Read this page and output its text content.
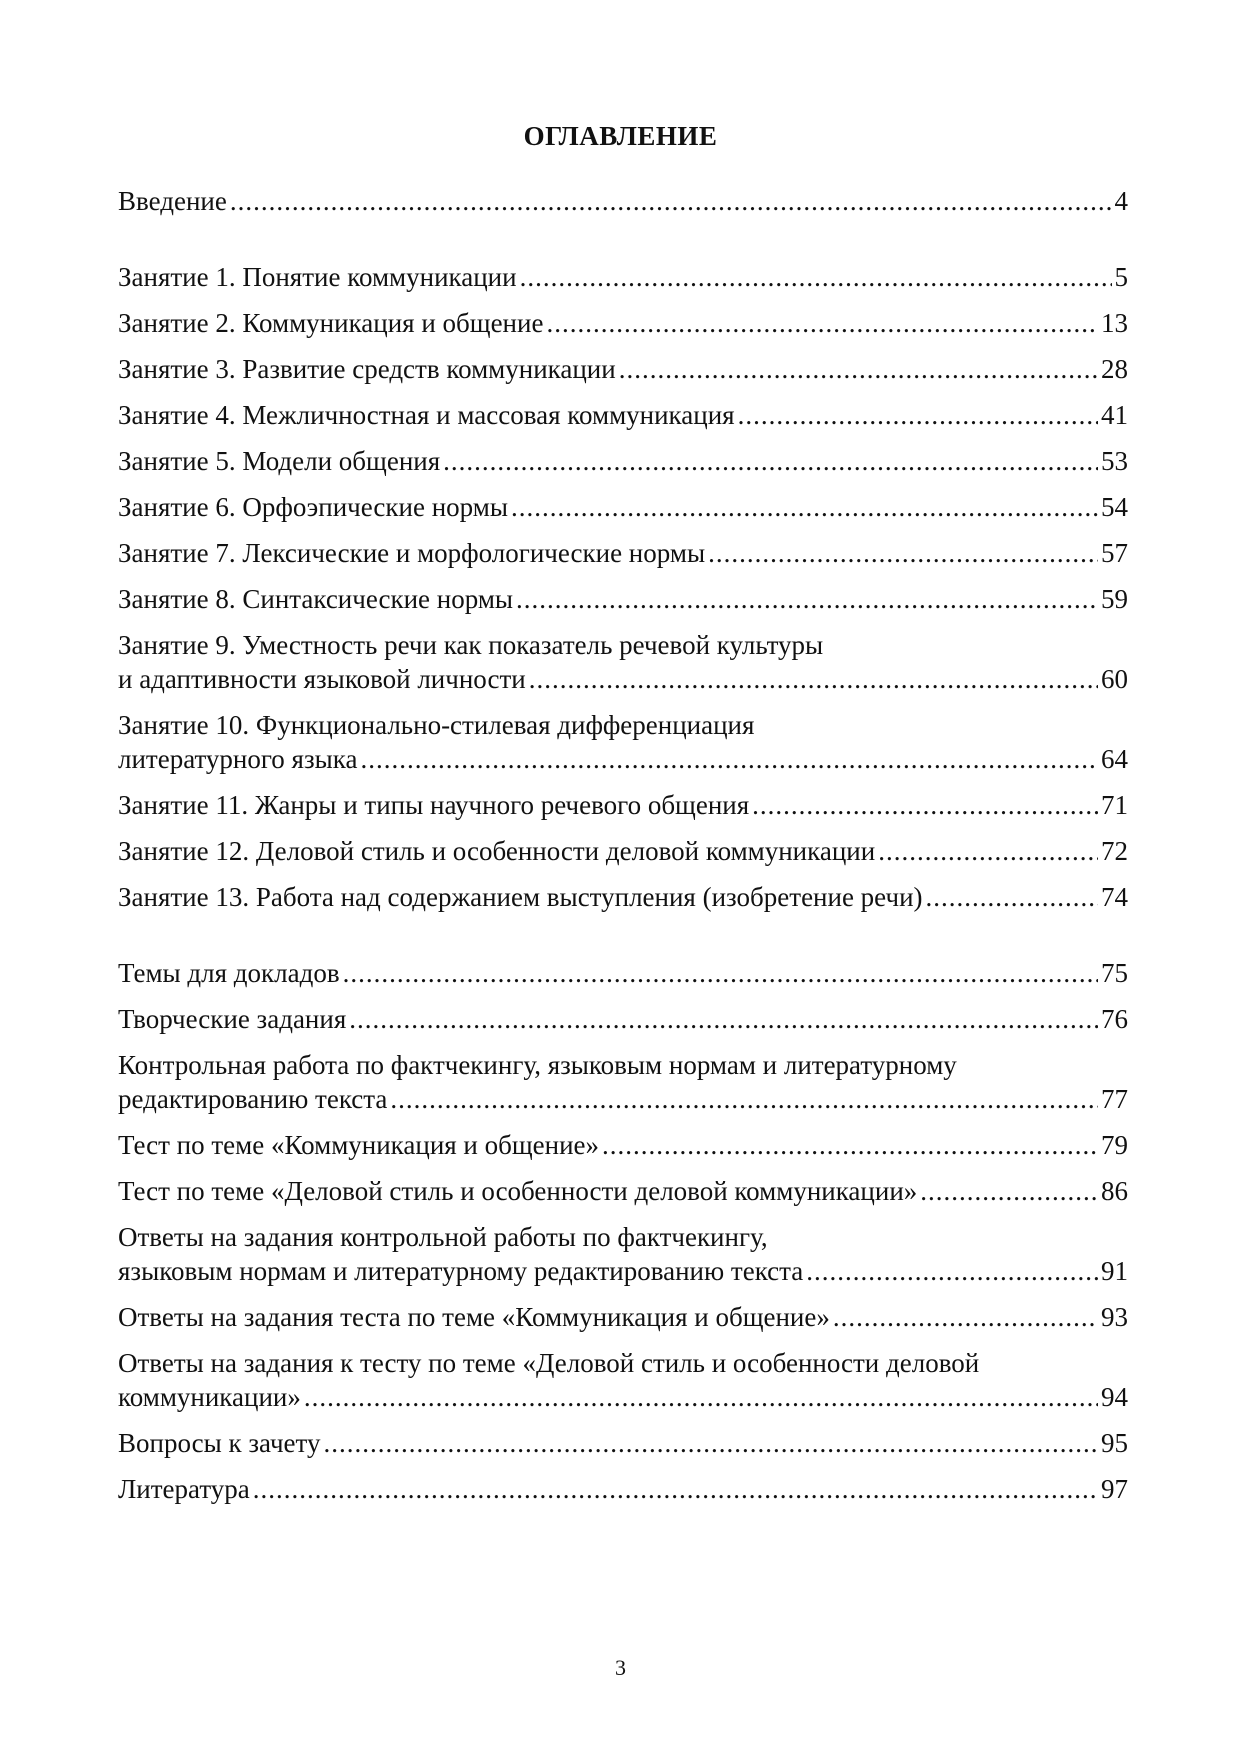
ОГЛАВЛЕНИЕ
Введение .....	4
Занятие 1. Понятие коммуникации .....	5
Занятие 2. Коммуникация и общение .....	13
Занятие 3. Развитие средств коммуникации .....	28
Занятие 4. Межличностная и массовая коммуникация .....	41
Занятие 5. Модели общения .....	53
Занятие 6. Орфоэпические нормы .....	54
Занятие 7. Лексические и морфологические нормы .....	57
Занятие 8. Синтаксические нормы .....	59
Занятие 9. Уместность речи как показатель речевой культуры
и адаптивности языковой личности .....	60
Занятие 10. Функционально-стилевая дифференциация
литературного языка .....	64
Занятие 11. Жанры и типы научного речевого общения .....	71
Занятие 12. Деловой стиль и особенности деловой коммуникации .....	72
Занятие 13. Работа над содержанием выступления (изобретение речи) .....	74
Темы для докладов .....	75
Творческие задания .....	76
Контрольная работа по фактчекингу, языковым нормам и литературному
редактированию текста .....	77
Тест по теме «Коммуникация и общение» .....	79
Тест по теме «Деловой стиль и особенности деловой коммуникации» .....	86
Ответы на задания контрольной работы по фактчекингу,
языковым нормам и литературному редактированию текста .....	91
Ответы на задания теста по теме «Коммуникация и общение» .....	93
Ответы на задания к тесту по теме «Деловой стиль и особенности деловой
коммуникации» .....	94
Вопросы к зачету .....	95
Литература .....	97
3
